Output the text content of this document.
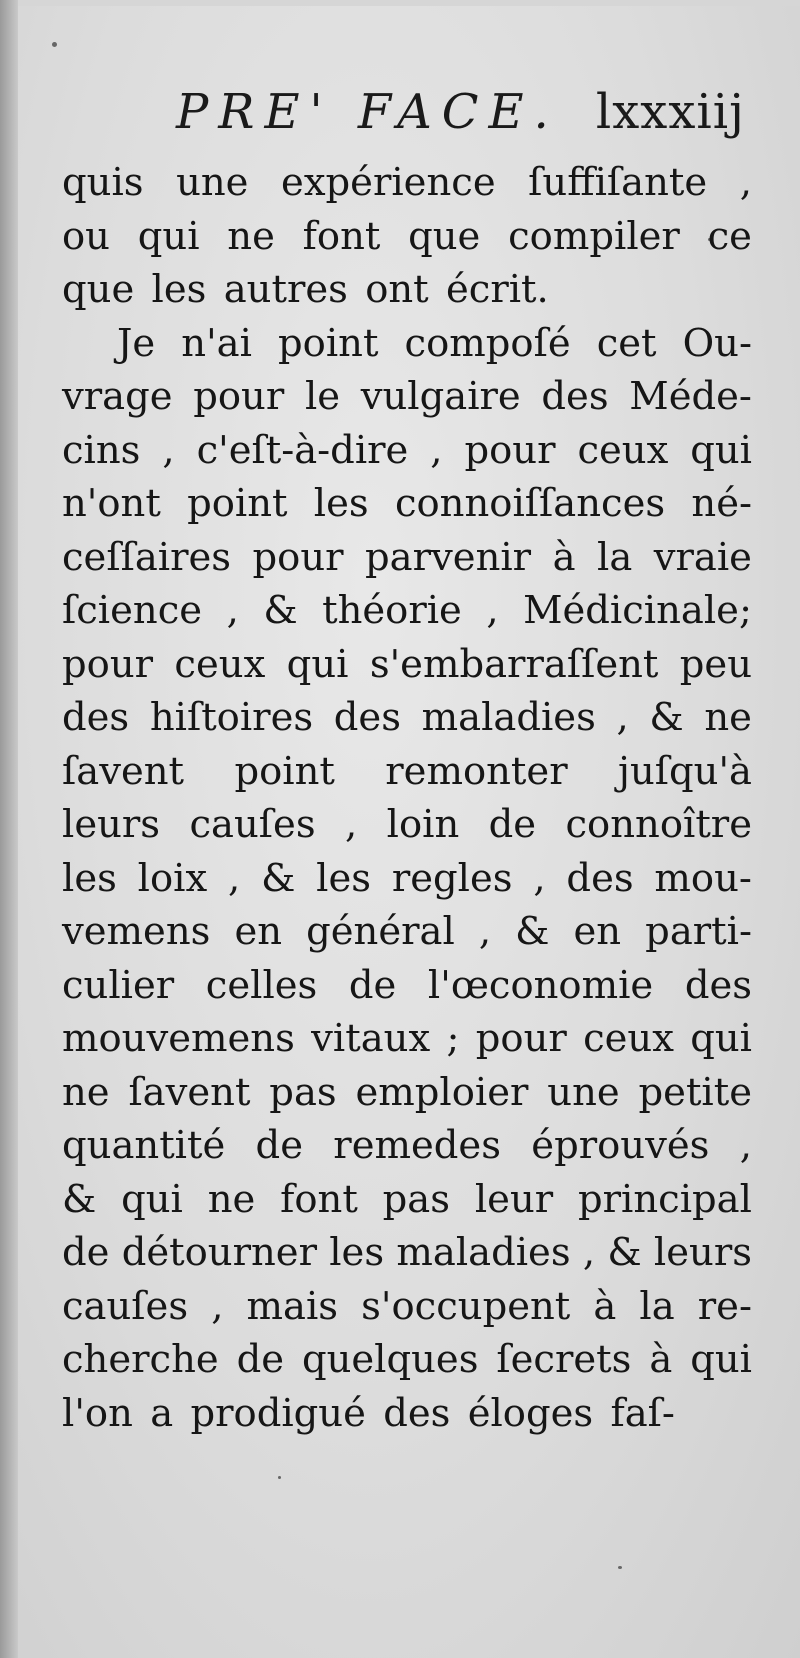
PRE' FACE. lxxxiij
quis une expérience ſuffiſante ,
ou qui ne font que compiler ce
que les autres ont écrit.
Je n'ai point compoſé cet Ou-
vrage pour le vulgaire des Méde-
cins , c'eſt-à-dire , pour ceux qui
n'ont point les connoiſſances né-
ceſſaires pour parvenir à la vraie
ſcience , & théorie , Médicinale;
pour ceux qui s'embarraſſent peu
des hiſtoires des maladies , & ne
ſavent point remonter juſqu'à
leurs cauſes , loin de connoître
les loix , & les regles , des mou-
vemens en général , & en parti-
culier celles de l'œconomie des
mouvemens vitaux ; pour ceux qui
ne ſavent pas emploier une petite
quantité de remedes éprouvés ,
& qui ne font pas leur principal
de détourner les maladies , & leurs
cauſes , mais s'occupent à la re-
cherche de quelques ſecrets à qui
l'on a prodigué des éloges faſ-
